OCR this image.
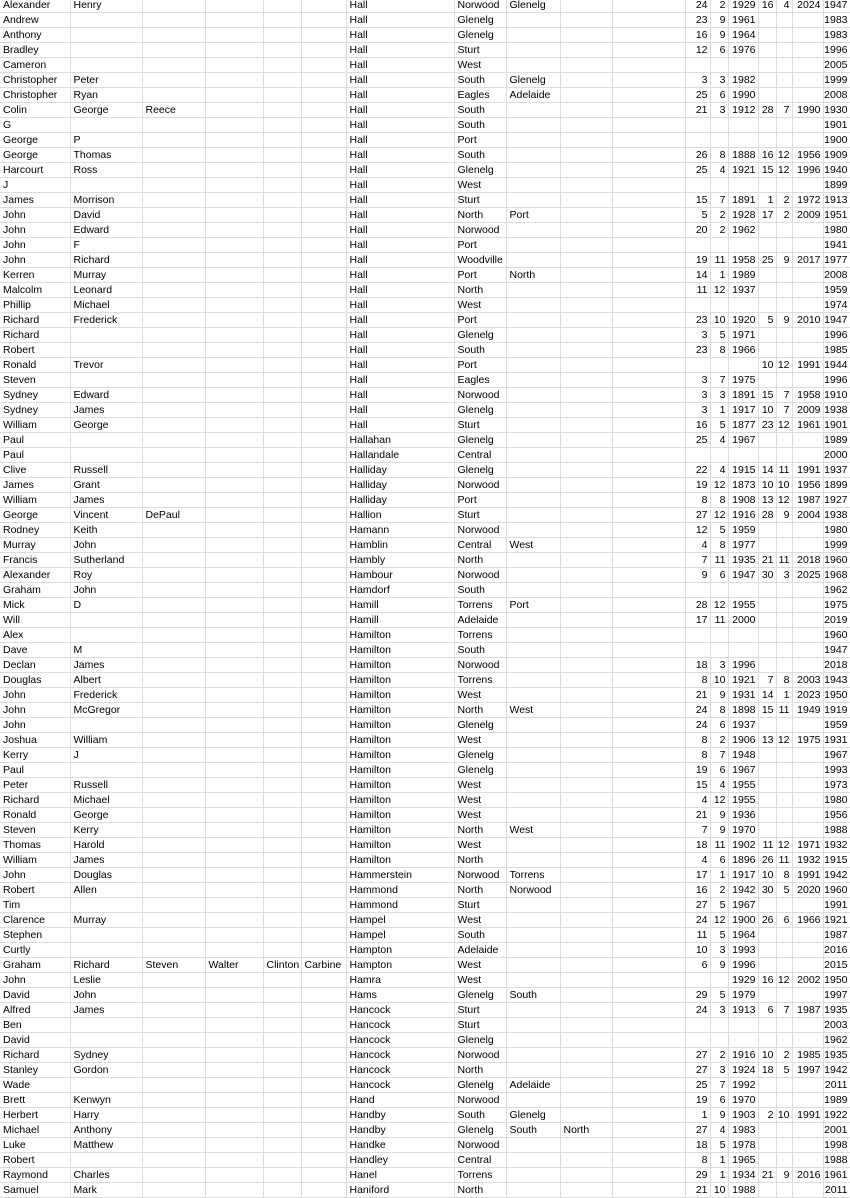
Alexander	Henry					Hall	Norwood	Glenelg			24	2	1929	16	4	2024	1947
Andrew						Hall	Glenelg				23	9	1961				1983
Anthony						Hall	Glenelg				16	9	1964				1983
Bradley						Hall	Sturt				12	6	1976				1996
Cameron						Hall	West										2005
Christopher	Peter					Hall	South	Glenelg			3	3	1982				1999
Christopher	Ryan					Hall	Eagles	Adelaide			25	6	1990				2008
Colin	George	Reece				Hall	South				21	3	1912	28	7	1990	1930
G						Hall	South										1901
George	P					Hall	Port										1900
George	Thomas					Hall	South				26	8	1888	16	12	1956	1909
Harcourt	Ross					Hall	Glenelg				25	4	1921	15	12	1996	1940
J						Hall	West										1899
James	Morrison					Hall	Sturt				15	7	1891	1	2	1972	1913
John	David					Hall	North	Port			5	2	1928	17	2	2009	1951
John	Edward					Hall	Norwood				20	2	1962				1980
John	F					Hall	Port										1941
John	Richard					Hall	Woodville				19	11	1958	25	9	2017	1977
Kerren	Murray					Hall	Port	North			14	1	1989				2008
Malcolm	Leonard					Hall	North				11	12	1937				1959
Phillip	Michael					Hall	West										1974
Richard	Frederick					Hall	Port				23	10	1920	5	9	2010	1947
Richard						Hall	Glenelg				3	5	1971				1996
Robert						Hall	South				23	8	1966				1985
Ronald	Trevor					Hall	Port							10	12	1991	1944
Steven						Hall	Eagles				3	7	1975				1996
Sydney	Edward					Hall	Norwood				3	3	1891	15	7	1958	1910
Sydney	James					Hall	Glenelg				3	1	1917	10	7	2009	1938
William	George					Hall	Sturt				16	5	1877	23	12	1961	1901
Paul						Hallahan	Glenelg				25	4	1967				1989
Paul						Hallandale	Central										2000
Clive	Russell					Halliday	Glenelg				22	4	1915	14	11	1991	1937
James	Grant					Halliday	Norwood				19	12	1873	10	10	1956	1899
William	James					Halliday	Port				8	8	1908	13	12	1987	1927
George	Vincent	DePaul				Hallion	Sturt				27	12	1916	28	9	2004	1938
Rodney	Keith					Hamann	Norwood				12	5	1959				1980
Murray	John					Hamblin	Central	West			4	8	1977				1999
Francis	Sutherland					Hambly	North				7	11	1935	21	11	2018	1960
Alexander	Roy					Hambour	Norwood				9	6	1947	30	3	2025	1968
Graham	John					Hamdorf	South										1962
Mick	D					Hamill	Torrens	Port			28	12	1955				1975
Will						Hamill	Adelaide				17	11	2000				2019
Alex						Hamilton	Torrens										1960
Dave	M					Hamilton	South										1947
Declan	James					Hamilton	Norwood				18	3	1996				2018
Douglas	Albert					Hamilton	Torrens				8	10	1921	7	8	2003	1943
John	Frederick					Hamilton	West				21	9	1931	14	1	2023	1950
John	McGregor					Hamilton	North	West			24	8	1898	15	11	1949	1919
John						Hamilton	Glenelg				24	6	1937				1959
Joshua	William					Hamilton	West				8	2	1906	13	12	1975	1931
Kerry	J					Hamilton	Glenelg				8	7	1948				1967
Paul						Hamilton	Glenelg				19	6	1967				1993
Peter	Russell					Hamilton	West				15	4	1955				1973
Richard	Michael					Hamilton	West				4	12	1955				1980
Ronald	George					Hamilton	West				21	9	1936				1956
Steven	Kerry					Hamilton	North	West			7	9	1970				1988
Thomas	Harold					Hamilton	West				18	11	1902	11	12	1971	1932
William	James					Hamilton	North				4	6	1896	26	11	1932	1915
John	Douglas					Hammerstein	Norwood	Torrens			17	1	1917	10	8	1991	1942
Robert	Allen					Hammond	North	Norwood			16	2	1942	30	5	2020	1960
Tim						Hammond	Sturt				27	5	1967				1991
Clarence	Murray					Hampel	West				24	12	1900	26	6	1966	1921
Stephen						Hampel	South				11	5	1964				1987
Curtly						Hampton	Adelaide				10	3	1993				2016
Graham	Richard	Steven	Walter	Clinton	Carbine	Hampton	West				6	9	1996				2015
John	Leslie					Hamra	West						1929	16	12	2002	1950
David	John					Hams	Glenelg	South			29	5	1979				1997
Alfred	James					Hancock	Sturt				24	3	1913	6	7	1987	1935
Ben						Hancock	Sturt										2003
David						Hancock	Glenelg										1962
Richard	Sydney					Hancock	Norwood				27	2	1916	10	2	1985	1935
Stanley	Gordon					Hancock	North				27	3	1924	18	5	1997	1942
Wade						Hancock	Glenelg	Adelaide			25	7	1992				2011
Brett	Kenwyn					Hand	Norwood				19	6	1970				1989
Herbert	Harry					Handby	South	Glenelg			1	9	1903	2	10	1991	1922
Michael	Anthony					Handby	Glenelg	South	North		27	4	1983				2001
Luke	Matthew					Handke	Norwood				18	5	1978				1998
Robert						Handley	Central				8	1	1965				1988
Raymond	Charles					Hanel	Torrens				29	1	1934	21	9	2016	1961
Samuel	Mark					Haniford	North				21	10	1988				2011
